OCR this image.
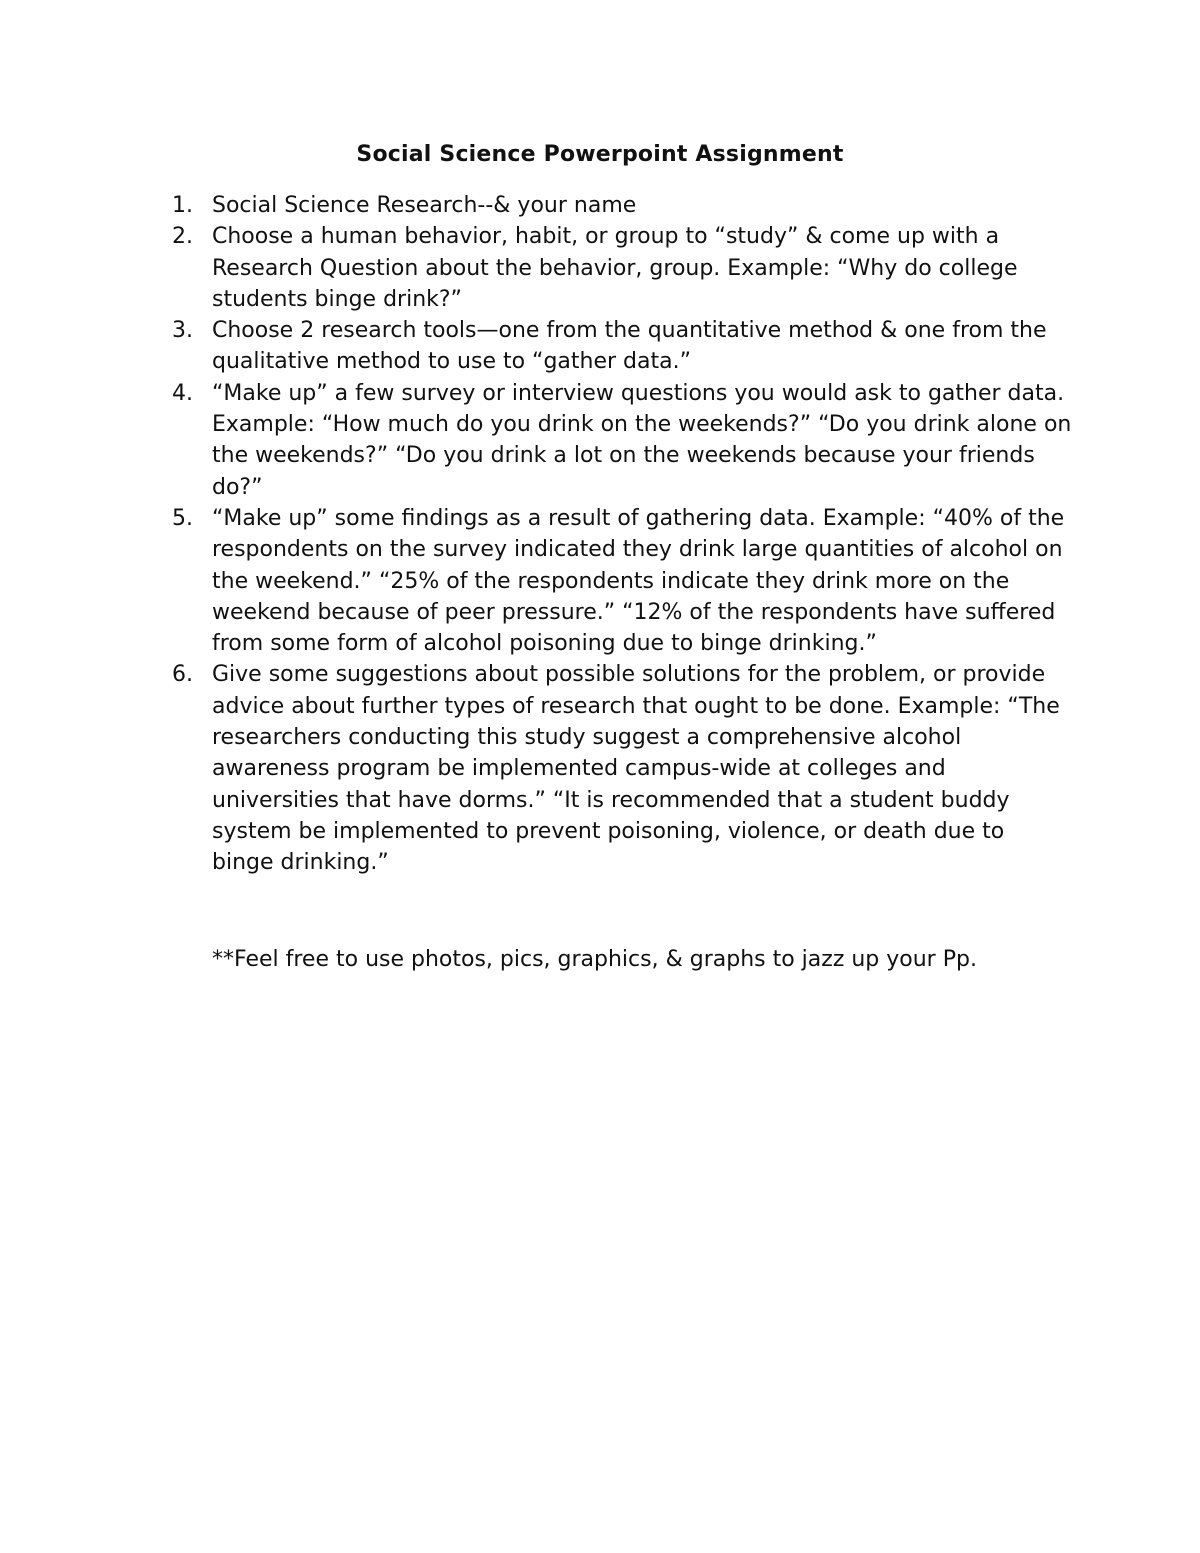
Social Science Powerpoint Assignment
1. Social Science Research--& your name
2. Choose a human behavior, habit, or group to “study” & come up with a Research Question about the behavior, group. Example: “Why do college students binge drink?”
3. Choose 2 research tools—one from the quantitative method & one from the qualitative method to use to “gather data.”
4. “Make up” a few survey or interview questions you would ask to gather data. Example: “How much do you drink on the weekends?” “Do you drink alone on the weekends?” “Do you drink a lot on the weekends because your friends do?”
5. “Make up” some findings as a result of gathering data. Example: “40% of the respondents on the survey indicated they drink large quantities of alcohol on the weekend.” “25% of the respondents indicate they drink more on the weekend because of peer pressure.” “12% of the respondents have suffered from some form of alcohol poisoning due to binge drinking.”
6. Give some suggestions about possible solutions for the problem, or provide advice about further types of research that ought to be done. Example: “The researchers conducting this study suggest a comprehensive alcohol awareness program be implemented campus-wide at colleges and universities that have dorms.” “It is recommended that a student buddy system be implemented to prevent poisoning, violence, or death due to binge drinking.”
**Feel free to use photos, pics, graphics, & graphs to jazz up your Pp.
